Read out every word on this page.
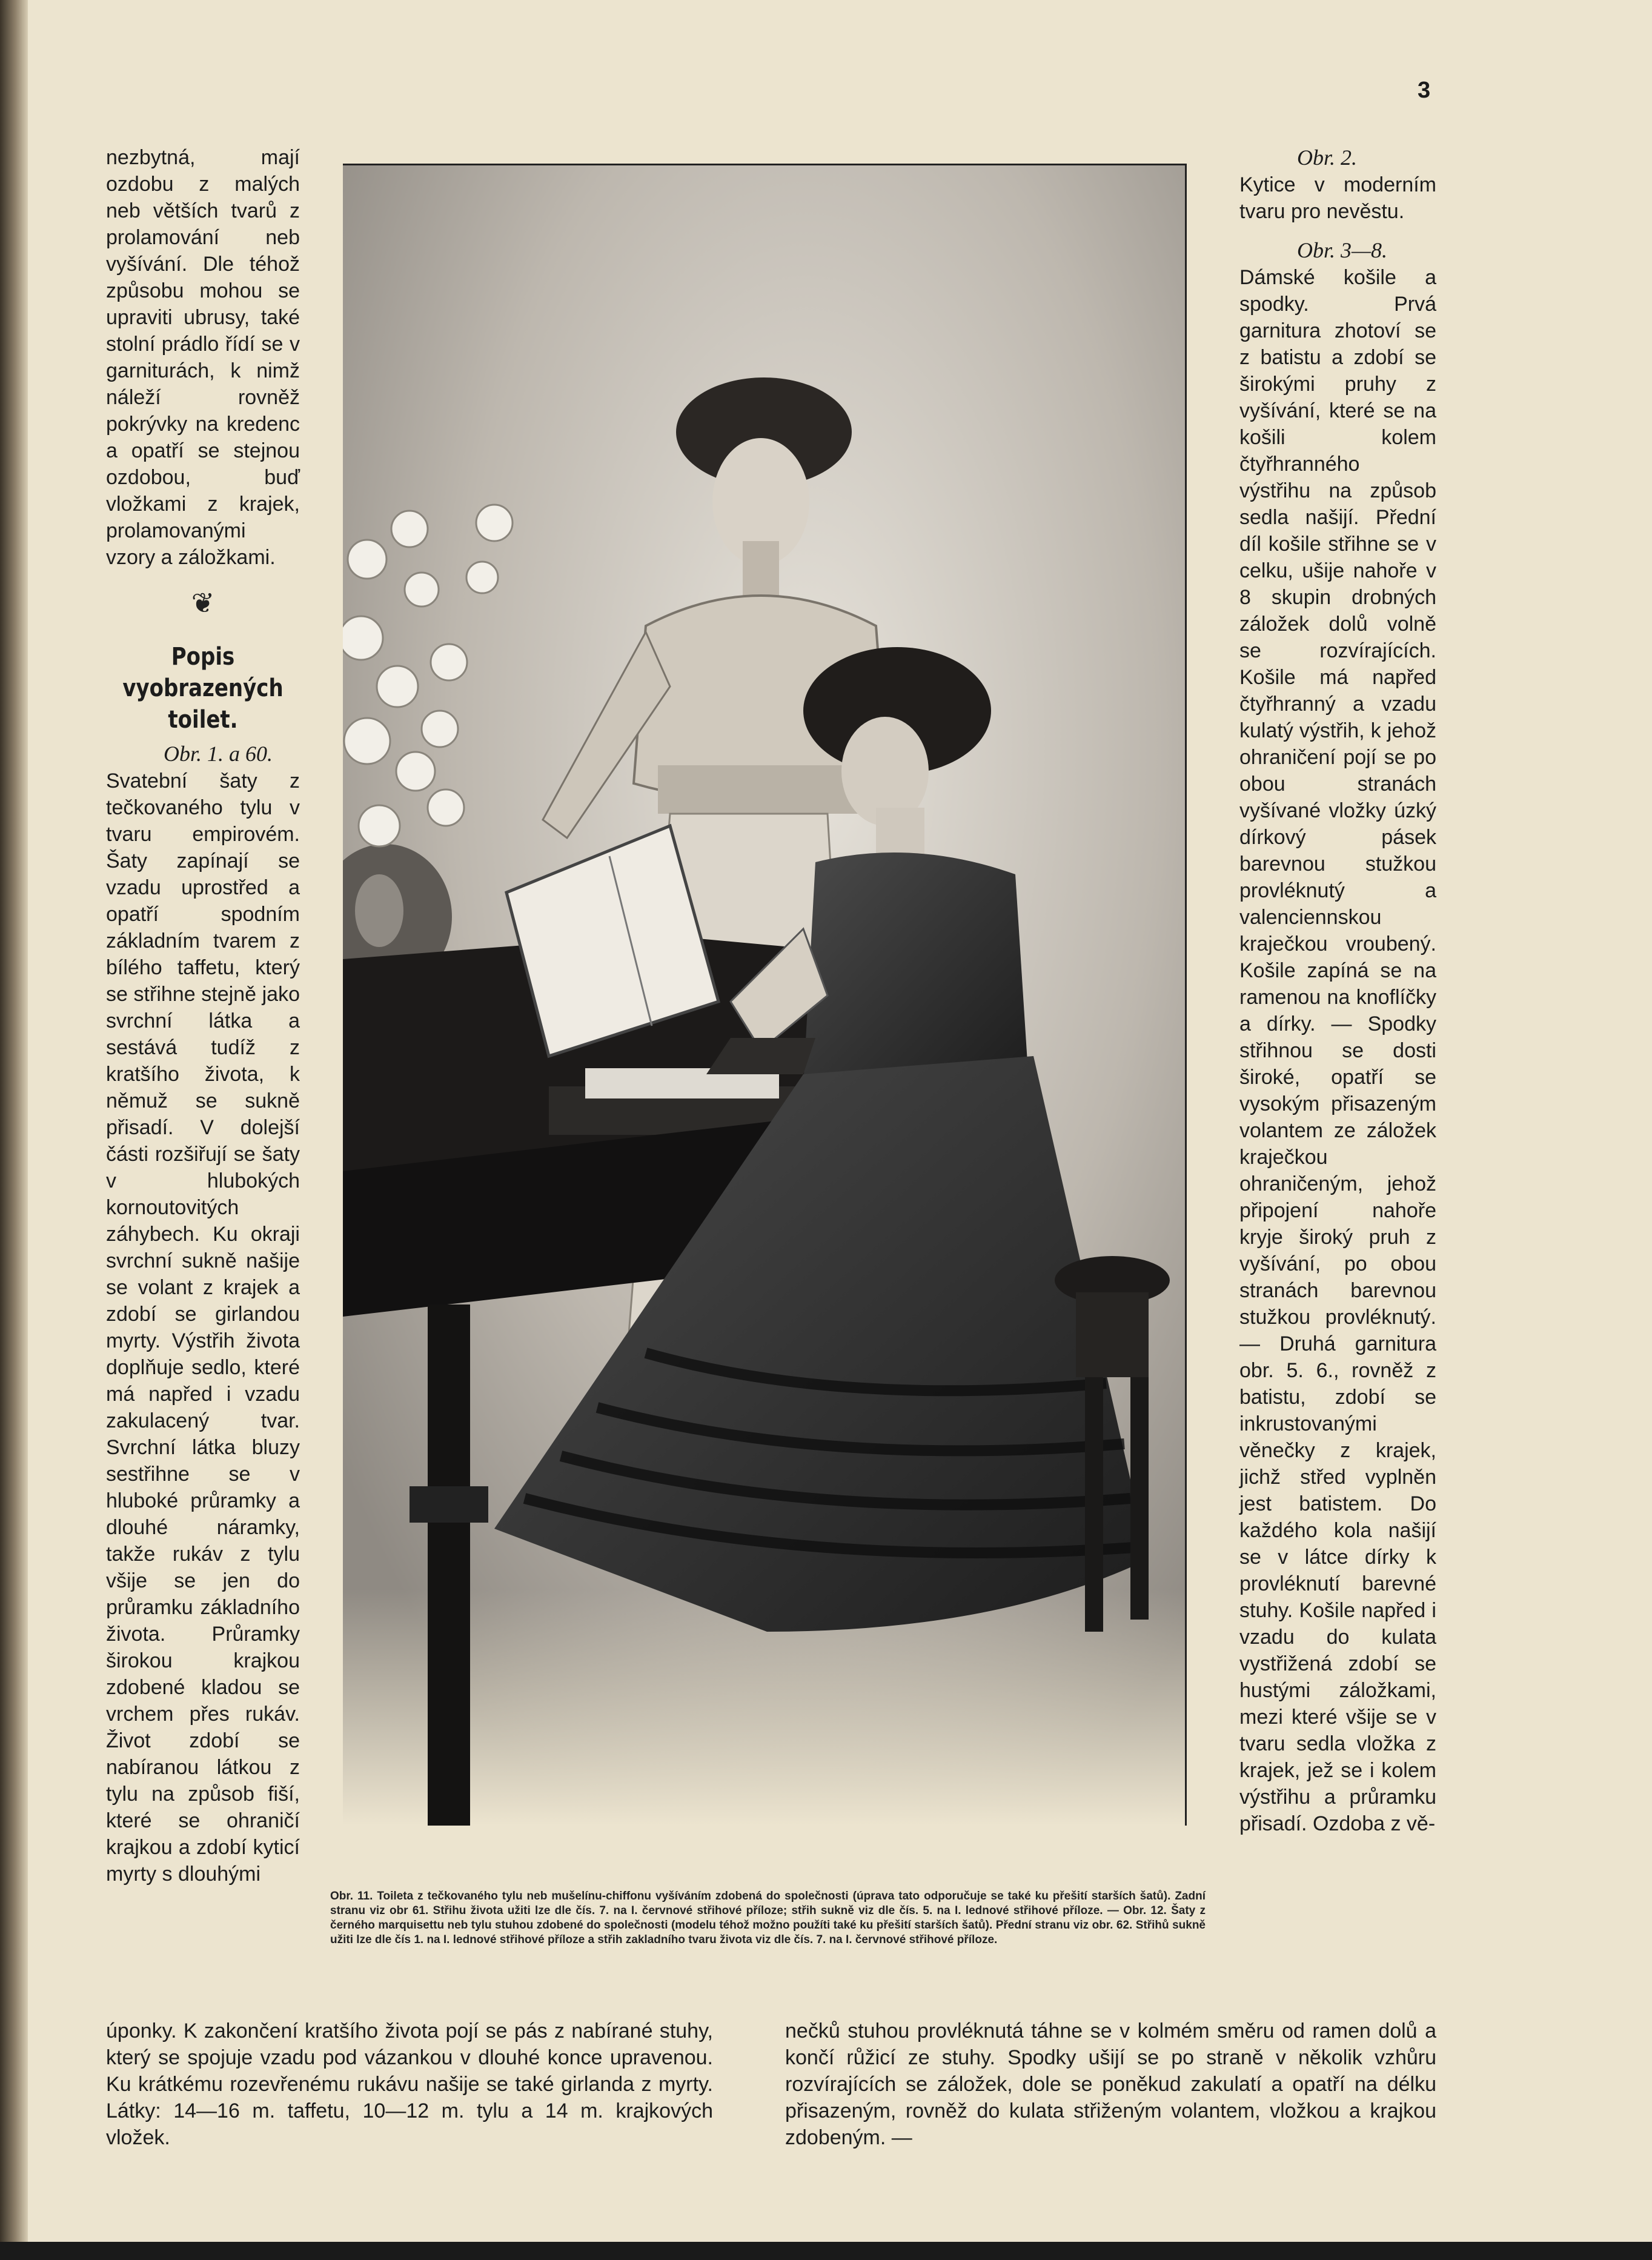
3

nezbytná, mají ozdobu z malých neb větších tvarů z prolamování neb vyšívání. Dle téhož způsobu mohou se upraviti ubrusy, také stolní prádlo řídí se v garniturách, k nimž náleží rovněž pokrývky na kredenc a opatří se stejnou ozdobou, buď vložkami z krajek, prolamovanými vzory a záložkami.

❦
Popis vyobrazených toilet.

Obr. 1. a 60.

Svatební šaty z tečkovaného tylu v tvaru empirovém. Šaty zapínají se vzadu uprostřed a opatří spodním základním tvarem z bílého taffetu, který se střihne stejně jako svrchní látka a sestává tudíž z kratšího života, k němuž se sukně přisadí. V dolejší části rozšiřují se šaty v hlubokých kornoutovitých záhybech. Ku okraji svrchní sukně našije se volant z krajek a zdobí se girlandou myrty. Výstřih života doplňuje sedlo, které má napřed i vzadu zakulacený tvar. Svrchní látka bluzy sestřihne se v hluboké průramky a dlouhé náramky, takže rukáv z tylu všije se jen do průramku základního života. Průramky širokou krajkou zdobené kladou se vrchem přes rukáv. Život zdobí se nabíranou látkou z tylu na způsob fiší, které se ohraničí krajkou a zdobí kyticí myrty s dlouhými

Obr. 2.

Kytice v moderním tvaru pro nevěstu.

Obr. 3—8.

Dámské košile a spodky. Prvá garnitura zhotoví se z batistu a zdobí se širokými pruhy z vyšívání, které se na košili kolem čtyřhranného výstřihu na způsob sedla našijí. Přední díl košile střihne se v celku, ušije nahoře v 8 skupin drobných záložek dolů volně se rozvírajících. Košile má napřed čtyřhranný a vzadu kulatý výstřih, k jehož ohraničení pojí se po obou stranách vyšívané vložky úzký dírkový pásek barevnou stužkou provléknutý a valenciennskou kraječkou vroubený. Košile zapíná se na ramenou na knoflíčky a dírky. — Spodky střihnou se dosti široké, opatří se vysokým přisazeným volantem ze záložek kraječkou ohraničeným, jehož připojení nahoře kryje široký pruh z vyšívání, po obou stranách barevnou stužkou provléknutý. — Druhá garnitura obr. 5. 6., rovněž z batistu, zdobí se inkrustovanými věnečky z krajek, jichž střed vyplněn jest batistem. Do každého kola našijí se v látce dírky k provléknutí barevné stuhy. Košile napřed i vzadu do kulata vystřižená zdobí se hustými záložkami, mezi které všije se v tvaru sedla vložka z krajek, jež se i kolem výstřihu a průramku přisadí. Ozdoba z vě-

Obr. 11. Toileta z tečkovaného tylu neb mušelínu-chiffonu vyšíváním zdobená do společnosti (úprava tato odporučuje se také ku přešití starších šatů). Zadní stranu viz obr 61. Střihu života užiti lze dle čís. 7. na I. červnové střihové příloze; střih sukně viz dle čís. 5. na I. lednové střihové příloze. — Obr. 12. Šaty z černého marquisettu neb tylu stuhou zdobené do společnosti (modelu téhož možno použíti také ku přešití starších šatů). Přední stranu viz obr. 62. Střihů sukně užiti lze dle čís 1. na I. lednové střihové příloze a střih zakladního tvaru života viz dle čís. 7. na I. červnové střihové příloze.
úponky. K zakončení kratšího života pojí se pás z nabírané stuhy, který se spojuje vzadu pod vázankou v dlouhé konce upravenou. Ku krátkému rozevřenému rukávu našije se také girlanda z myrty. Látky: 14—16 m. taffetu, 10—12 m. tylu a 14 m. krajkových vložek.
nečků stuhou provléknutá táhne se v kolmém směru od ramen dolů a končí růžicí ze stuhy. Spodky ušijí se po straně v několik vzhůru rozvírajících se záložek, dole se poněkud zakulatí a opatří na délku přisazeným, rovněž do kulata střiženým volantem, vložkou a krajkou zdobeným. —
